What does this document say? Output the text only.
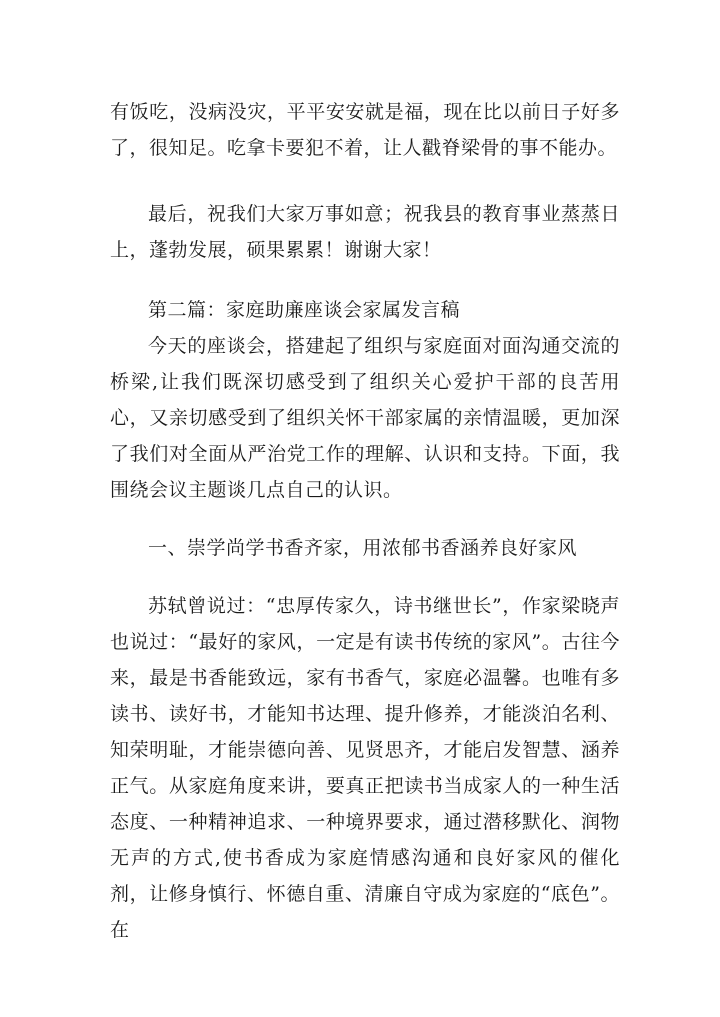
有饭吃，没病没灾，平平安安就是福，现在比以前日子好多了，很知足。吃拿卡要犯不着，让人戳脊梁骨的事不能办。

最后，祝我们大家万事如意；祝我县的教育事业蒸蒸日上，蓬勃发展，硕果累累！谢谢大家！

第二篇：家庭助廉座谈会家属发言稿

今天的座谈会，搭建起了组织与家庭面对面沟通交流的桥梁,让我们既深切感受到了组织关心爱护干部的良苦用心，又亲切感受到了组织关怀干部家属的亲情温暖，更加深了我们对全面从严治党工作的理解、认识和支持。下面，我围绕会议主题谈几点自己的认识。

一、崇学尚学书香齐家，用浓郁书香涵养良好家风

苏轼曾说过：“忠厚传家久，诗书继世长”，作家梁晓声也说过：“最好的家风，一定是有读书传统的家风”。古往今来，最是书香能致远，家有书香气，家庭必温馨。也唯有多读书、读好书，才能知书达理、提升修养，才能淡泊名利、知荣明耻，才能崇德向善、见贤思齐，才能启发智慧、涵养正气。从家庭角度来讲，要真正把读书当成家人的一种生活态度、一种精神追求、一种境界要求，通过潜移默化、润物无声的方式,使书香成为家庭情感沟通和良好家风的催化剂，让修身慎行、怀德自重、清廉自守成为家庭的“底色”。在
